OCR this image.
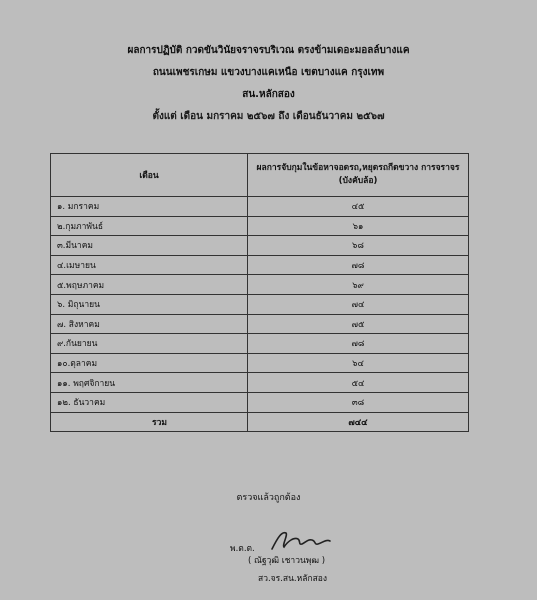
ผลการปฏิบัติ กวดขันวินัยจราจรบริเวณ ตรงข้ามเดอะมอลล์บางแค
ถนนเพชรเกษม แขวงบางแคเหนือ เขตบางแค กรุงเทพ
สน.หลักสอง
ตั้งแต่ เดือน มกราคม ๒๕๖๗ ถึง เดือนธันวาคม ๒๕๖๗
เดือน	ผลการจับกุมในข้อหาจอดรถ,หยุดรถกีดขวาง การจราจร (บังคับล้อ)
๑. มกราคม	๔๕
๒.กุมภาพันธ์	๖๑
๓.มีนาคม	๖๘
๔.เมษายน	๗๘
๕.พฤษภาคม	๖๙
๖. มิถุนายน	๗๔
๗. สิงหาคม	๗๕
๙.กันยายน	๗๘
๑๐.ตุลาคม	๖๔
๑๑. พฤศจิกายน	๕๔
๑๒. ธันวาคม	๓๘
รวม	๗๔๔
ตรวจแล้วถูกต้อง
พ.ต.ต.
( ณัฐวุฒิ เชาวนพุฒ )
สว.จร.สน.หลักสอง
